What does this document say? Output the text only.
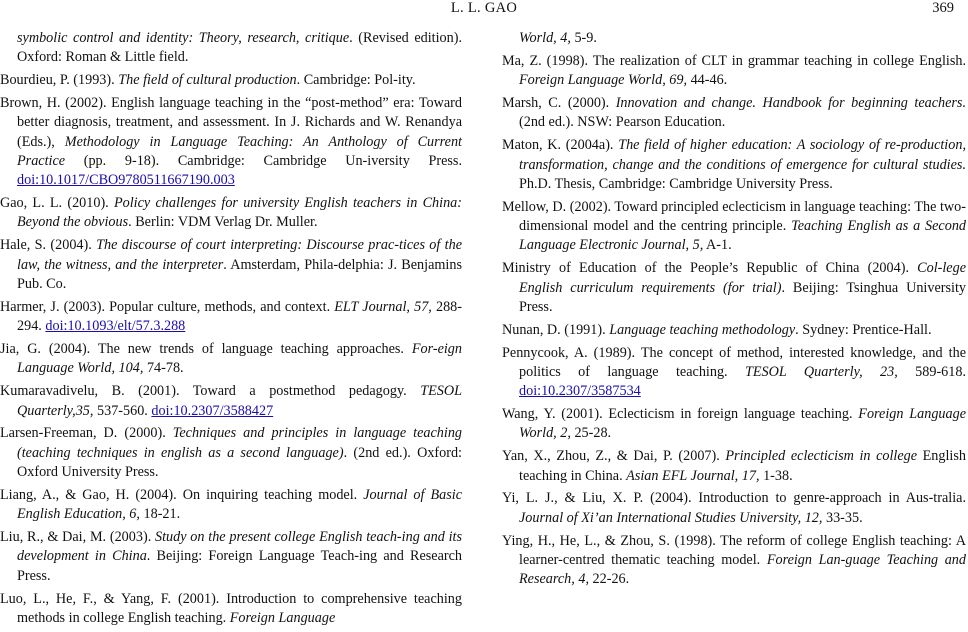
L. L. GAO	369

symbolic control and identity: Theory, research, critique. (Revised edition). Oxford: Roman & Little field.

Bourdieu, P. (1993). The field of cultural production. Cambridge: Pol-ity.

Brown, H. (2002). English language teaching in the “post-method” era: Toward better diagnosis, treatment, and assessment. In J. Richards and W. Renandya (Eds.), Methodology in Language Teaching: An Anthology of Current Practice (pp. 9-18). Cambridge: Cambridge Un-iversity Press. doi:10.1017/CBO9780511667190.003

Gao, L. L. (2010). Policy challenges for university English teachers in China: Beyond the obvious. Berlin: VDM Verlag Dr. Muller.

Hale, S. (2004). The discourse of court interpreting: Discourse prac-tices of the law, the witness, and the interpreter. Amsterdam, Phila-delphia: J. Benjamins Pub. Co.

Harmer, J. (2003). Popular culture, methods, and context. ELT Journal, 57, 288-294. doi:10.1093/elt/57.3.288

Jia, G. (2004). The new trends of language teaching approaches. For-eign Language World, 104, 74-78.

Kumaravadivelu, B. (2001). Toward a postmethod pedagogy. TESOL Quarterly,35, 537-560. doi:10.2307/3588427

Larsen-Freeman, D. (2000). Techniques and principles in language teaching (teaching techniques in english as a second language). (2nd ed.). Oxford: Oxford University Press.

Liang, A., & Gao, H. (2004). On inquiring teaching model. Journal of Basic English Education, 6, 18-21.

Liu, R., & Dai, M. (2003). Study on the present college English teach-ing and its development in China. Beijing: Foreign Language Teach-ing and Research Press.

Luo, L., He, F., & Yang, F. (2001). Introduction to comprehensive teaching methods in college English teaching. Foreign Language

World, 4, 5-9.

Ma, Z. (1998). The realization of CLT in grammar teaching in college English. Foreign Language World, 69, 44-46.

Marsh, C. (2000). Innovation and change. Handbook for beginning teachers. (2nd ed.). NSW: Pearson Education.

Maton, K. (2004a). The field of higher education: A sociology of re-production, transformation, change and the conditions of emergence for cultural studies. Ph.D. Thesis, Cambridge: Cambridge University Press.

Mellow, D. (2002). Toward principled eclecticism in language teaching: The two-dimensional model and the centring principle. Teaching English as a Second Language Electronic Journal, 5, A-1.

Ministry of Education of the People’s Republic of China (2004). Col-lege English curriculum requirements (for trial). Beijing: Tsinghua University Press.

Nunan, D. (1991). Language teaching methodology. Sydney: Prentice-Hall.

Pennycook, A. (1989). The concept of method, interested knowledge, and the politics of language teaching. TESOL Quarterly, 23, 589-618. doi:10.2307/3587534

Wang, Y. (2001). Eclecticism in foreign language teaching. Foreign Language World, 2, 25-28.

Yan, X., Zhou, Z., & Dai, P. (2007). Principled eclecticism in college English teaching in China. Asian EFL Journal, 17, 1-38.

Yi, L. J., & Liu, X. P. (2004). Introduction to genre-approach in Aus-tralia. Journal of Xi’an International Studies University, 12, 33-35.

Ying, H., He, L., & Zhou, S. (1998). The reform of college English teaching: A learner-centred thematic teaching model. Foreign Lan-guage Teaching and Research, 4, 22-26.
